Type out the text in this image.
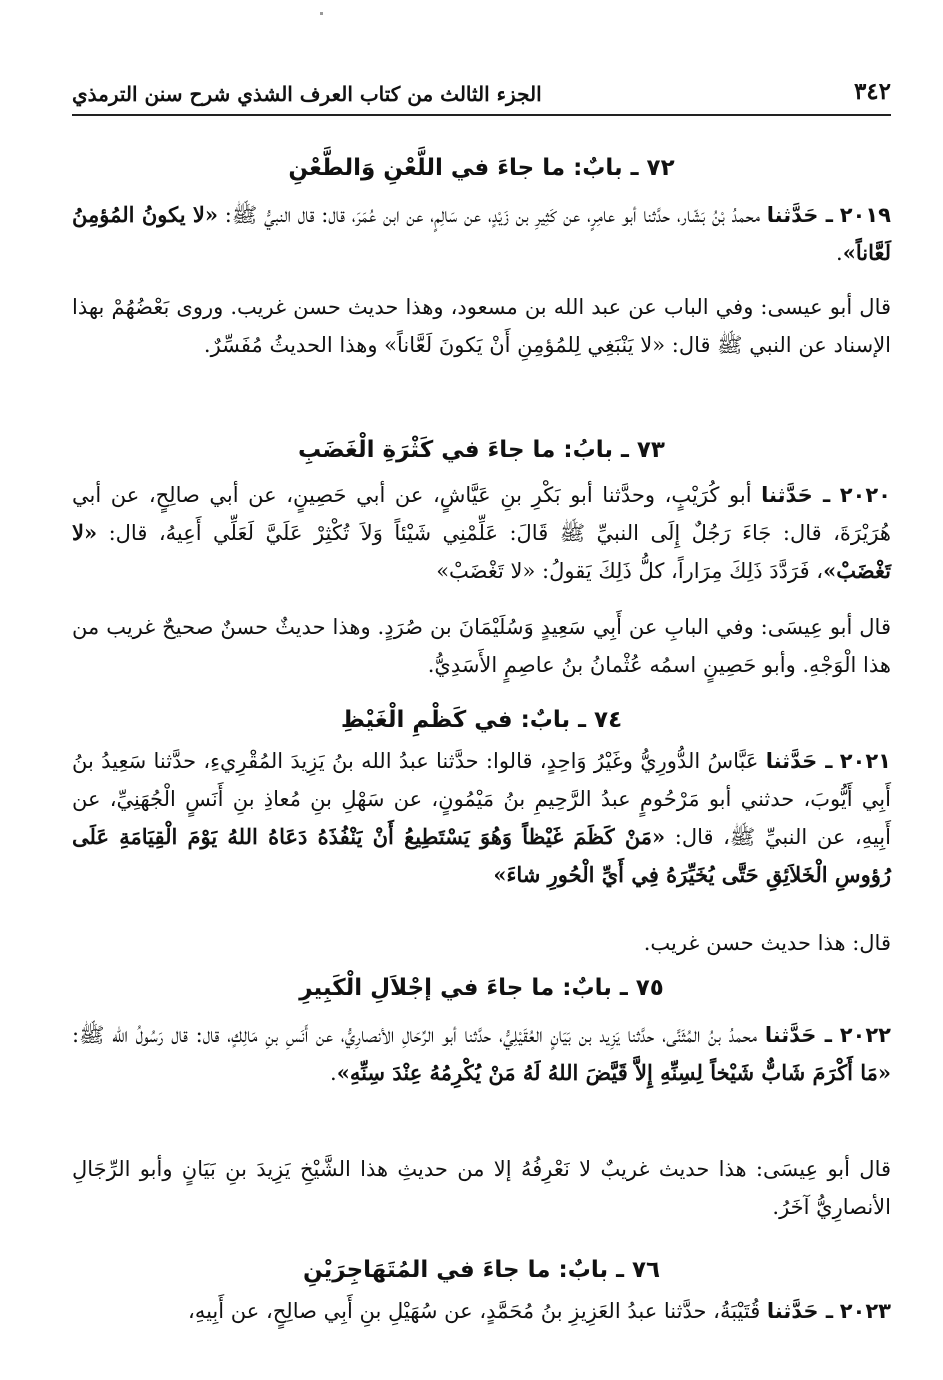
٣٤٢
الجزء الثالث من كتاب العرف الشذي شرح سنن الترمذي
٧٢ ـ بابٌ: ما جاءَ في اللَّعْنِ وَالطَّعْنِ
٢٠١٩ ـ حَدَّثنا محمدُ بْنُ بَشّار، حدَّثنا أبو عامِرٍ، عن كَثِيرِ بن زَيْدٍ، عن سَالِمٍ، عن ابن عُمَرَ، قال: قال النبيُّ ﷺ: «لا يكونُ المُؤمِنُ لَعَّاناً».
قال أبو عيسى: وفي الباب عن عبد الله بن مسعود، وهذا حديث حسن غريب. وروى بَعْضُهُمْ بهذا الإسناد عن النبي ﷺ قال: «لا يَنْبَغِي لِلمُؤمِنِ أَنْ يَكونَ لَعَّاناً» وهذا الحديثُ مُفَسِّرٌ.
٧٣ ـ بابُ: ما جاءَ في كَثْرَةِ الْغَضَبِ
٢٠٢٠ ـ حَدَّثنا أبو كُرَيْبٍ، وحدَّثنا أبو بَكْرِ بنِ عَيَّاشٍ، عن أبي حَصِينٍ، عن أبي صالِحٍ، عن أبي هُرَيْرَةَ، قال: جَاءَ رَجُلٌ إِلَى النبيِّ ﷺ قَالَ: عَلِّمْنِي شَيْئاً وَلاَ تُكْثِرْ عَلَيَّ لَعَلِّي أَعِيهُ، قال: «لا تَغْضَبْ»، فَرَدَّدَ ذَلِكَ مِرَاراً، كلُّ ذَلِكَ يَقولُ: «لا تَغْضَبْ»
قال أبو عِيسَى: وفي البابِ عن أَبِي سَعِيدٍ وَسُلَيْمَانَ بن صُرَدٍ. وهذا حديثٌ حسنٌ صحيحٌ غريب من هذا الْوَجْهِ. وأبو حَصِينٍ اسمُه عُثْمانُ بنُ عاصِمٍ الأَسَدِيُّ.
٧٤ ـ بابٌ: في كَظْمِ الْغَيْظِ
٢٠٢١ ـ حَدَّثنا عَبَّاسُ الدُّورِيُّ وغَيْرُ وَاحِدٍ، قالوا: حدَّثنا عبدُ الله بنُ يَزِيدَ المُقْرِيءِ، حدَّثنا سَعِيدُ بنُ أَبِي أَيُّوبَ، حدثني أبو مَرْحُومٍ عبدُ الرَّحِيمِ بنُ مَيْمُونٍ، عن سَهْلِ بنِ مُعاذِ بنِ أَنَسٍ الْجُهَنِيِّ، عن أَبِيهِ، عن النبيِّ ﷺ، قال: «مَنْ كَظَمَ غَيْظاً وَهُوَ يَسْتَطِيعُ أَنْ يَنْفُذَهُ دَعَاهُ اللهُ يَوْمَ الْقِيَامَةِ عَلَى رُؤوسِ الْخَلاَئِقِ حَتَّى يُخَيِّرَهُ فِي أَيِّ الْحُورِ شاءَ»
قال: هذا حديث حسن غريب.
٧٥ ـ بابٌ: ما جاءَ في إجْلاَلِ الْكَبِيرِ
٢٠٢٢ ـ حَدَّثنا محمدُ بنُ المُثَنَّى، حدَّثنا يَزِيد بن بَيَانٍ العُقَيْلِيُّ، حدَّثنا أبو الرِّحَالِ الأنصارِيُّ، عن أَنَسِ بنِ مَالِكٍ، قال: قال رَسُولُ الله ﷺ: «مَا أَكْرَمَ شَابٌّ شَيْخاً لِسِنِّهِ إِلاَّ قَيَّضَ اللهُ لَهُ مَنْ يُكْرِمُهُ عِنْدَ سِنِّهِ».
قال أبو عِيسَى: هذا حديث غريبٌ لا نَعْرِفُهُ إلا من حديثِ هذا الشَّيْخِ يَزِيدَ بنِ بَيَانٍ وأبو الرِّجَالِ الأنصارِيُّ آخَرُ.
٧٦ ـ بابٌ: ما جاءَ في المُتَهَاجِرَيْنِ
٢٠٢٣ ـ حَدَّثنا قُتَيْبَةُ، حدَّثنا عبدُ العَزِيزِ بنُ مُحَمَّدٍ، عن سُهَيْلِ بنِ أَبِي صالِحٍ، عن أَبِيهِ،
